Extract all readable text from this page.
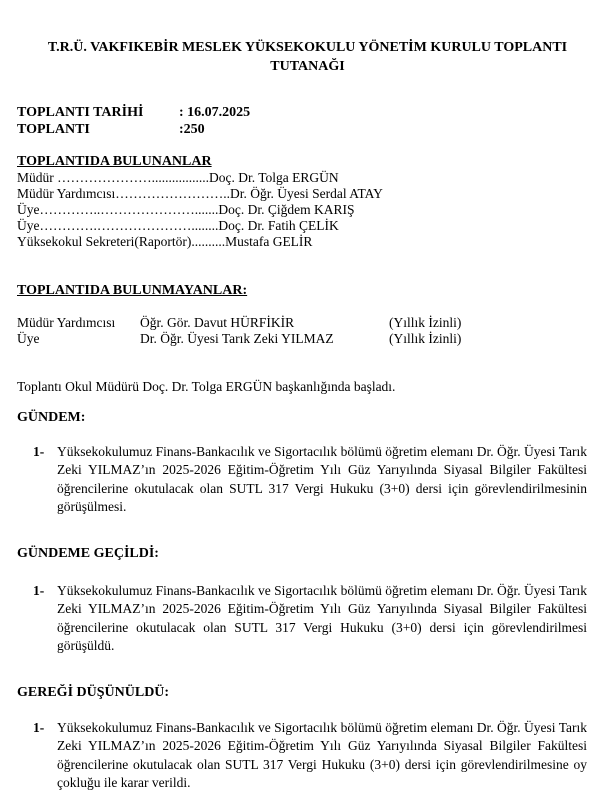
T.R.Ü. VAKFIKEBİR MESLEK YÜKSEKOKULU YÖNETİM KURULU TOPLANTI
TUTANAĞI
TOPLANTI TARİHİ	: 16.07.2025
TOPLANTI	:250
TOPLANTIDA BULUNANLAR
Müdür ………………….................Doç. Dr. Tolga ERGÜN
Müdür Yardımcısı……………………..Dr. Öğr. Üyesi Serdal ATAY
Üye…………..………………….......Doç. Dr. Çiğdem KARIŞ
Üye………….…………………........Doç. Dr. Fatih ÇELİK
Yüksekokul Sekreteri(Raportör)..........Mustafa GELİR
TOPLANTIDA BULUNMAYANLAR:
Müdür Yardımcısı Öğr. Gör. Davut HÜRFİKİR	(Yıllık İzinli)
Üye	Dr. Öğr. Üyesi Tarık Zeki YILMAZ	(Yıllık İzinli)
Toplantı Okul Müdürü Doç. Dr. Tolga ERGÜN başkanlığında başladı.
GÜNDEM:
1- Yüksekokulumuz Finans-Bankacılık ve Sigortacılık bölümü öğretim elemanı Dr. Öğr. Üyesi Tarık Zeki YILMAZ’ın 2025-2026 Eğitim-Öğretim Yılı Güz Yarıyılında Siyasal Bilgiler Fakültesi öğrencilerine okutulacak olan SUTL 317 Vergi Hukuku (3+0) dersi için görevlendirilmesinin görüşülmesi.
GÜNDEME GEÇİLDİ:
1- Yüksekokulumuz Finans-Bankacılık ve Sigortacılık bölümü öğretim elemanı Dr. Öğr. Üyesi Tarık Zeki YILMAZ’ın 2025-2026 Eğitim-Öğretim Yılı Güz Yarıyılında Siyasal Bilgiler Fakültesi öğrencilerine okutulacak olan SUTL 317 Vergi Hukuku (3+0) dersi için görevlendirilmesi görüşüldü.
GEREĞİ DÜŞÜNÜLDÜ:
1- Yüksekokulumuz Finans-Bankacılık ve Sigortacılık bölümü öğretim elemanı Dr. Öğr. Üyesi Tarık Zeki YILMAZ’ın 2025-2026 Eğitim-Öğretim Yılı Güz Yarıyılında Siyasal Bilgiler Fakültesi öğrencilerine okutulacak olan SUTL 317 Vergi Hukuku (3+0) dersi için görevlendirilmesine oy çokluğu ile karar verildi.
